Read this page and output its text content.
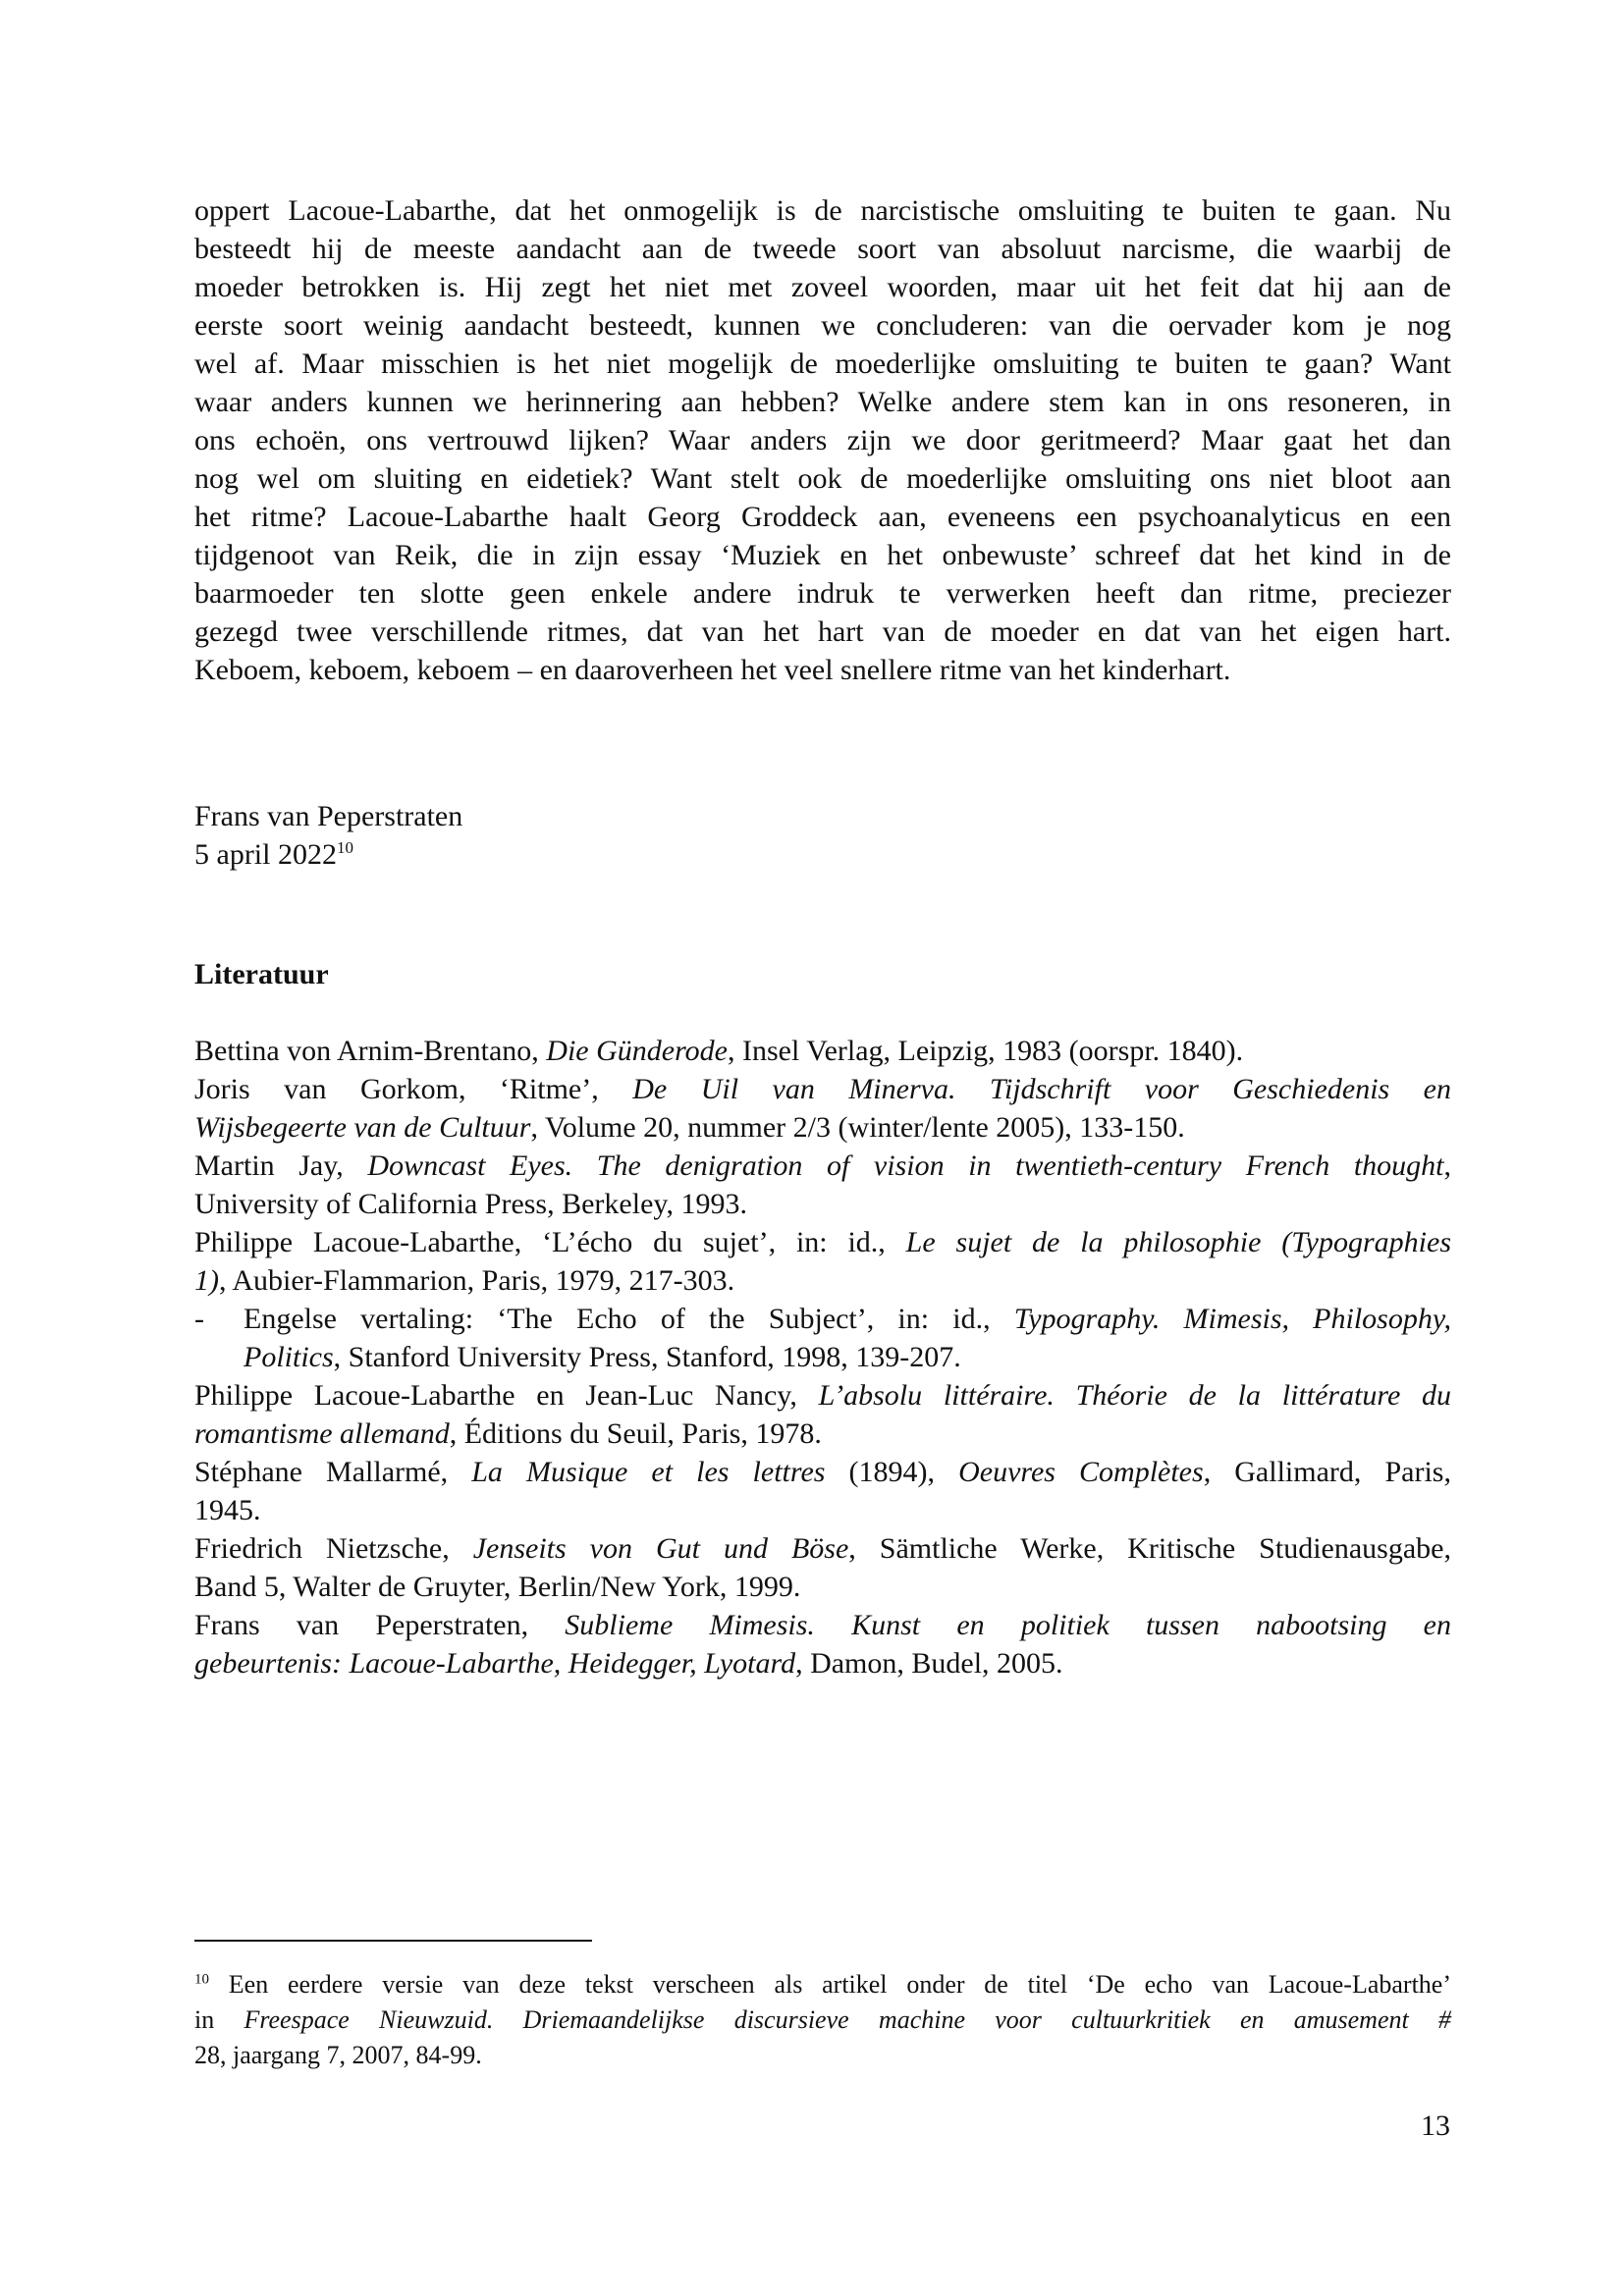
oppert Lacoue-Labarthe, dat het onmogelijk is de narcistische omsluiting te buiten te gaan. Nu
besteedt hij de meeste aandacht aan de tweede soort van absoluut narcisme, die waarbij de
moeder betrokken is. Hij zegt het niet met zoveel woorden, maar uit het feit dat hij aan de
eerste soort weinig aandacht besteedt, kunnen we concluderen: van die oervader kom je nog
wel af. Maar misschien is het niet mogelijk de moederlijke omsluiting te buiten te gaan? Want
waar anders kunnen we herinnering aan hebben? Welke andere stem kan in ons resoneren, in
ons echoën, ons vertrouwd lijken? Waar anders zijn we door geritmeerd? Maar gaat het dan
nog wel om sluiting en eidetiek? Want stelt ook de moederlijke omsluiting ons niet bloot aan
het ritme? Lacoue-Labarthe haalt Georg Groddeck aan, eveneens een psychoanalyticus en een
tijdgenoot van Reik, die in zijn essay ‘Muziek en het onbewuste’ schreef dat het kind in de
baarmoeder ten slotte geen enkele andere indruk te verwerken heeft dan ritme, preciezer
gezegd twee verschillende ritmes, dat van het hart van de moeder en dat van het eigen hart.
Keboem, keboem, keboem – en daaroverheen het veel snellere ritme van het kinderhart.
Frans van Peperstraten
5 april 2022$^{10}$
Literatuur
Bettina von Arnim-Brentano, Die Günderode, Insel Verlag, Leipzig, 1983 (oorspr. 1840).
Joris van Gorkom, ‘Ritme’, De Uil van Minerva. Tijdschrift voor Geschiedenis en
Wijsbegeerte van de Cultuur, Volume 20, nummer 2/3 (winter/lente 2005), 133-150.
Martin Jay, Downcast Eyes. The denigration of vision in twentieth-century French thought,
University of California Press, Berkeley, 1993.
Philippe Lacoue-Labarthe, ‘L’écho du sujet’, in: id., Le sujet de la philosophie (Typographies
1), Aubier-Flammarion, Paris, 1979, 217-303.
- Engelse vertaling: ‘The Echo of the Subject’, in: id., Typography. Mimesis, Philosophy,
Politics, Stanford University Press, Stanford, 1998, 139-207.
Philippe Lacoue-Labarthe en Jean-Luc Nancy, L’absolu littéraire. Théorie de la littérature du
romantisme allemand, Éditions du Seuil, Paris, 1978.
Stéphane Mallarmé, La Musique et les lettres (1894), Oeuvres Complètes, Gallimard, Paris,
1945.
Friedrich Nietzsche, Jenseits von Gut und Böse, Sämtliche Werke, Kritische Studienausgabe,
Band 5, Walter de Gruyter, Berlin/New York, 1999.
Frans van Peperstraten, Sublieme Mimesis. Kunst en politiek tussen nabootsing en
gebeurtenis: Lacoue-Labarthe, Heidegger, Lyotard, Damon, Budel, 2005.
$^{10}$ Een eerdere versie van deze tekst verscheen als artikel onder de titel ‘De echo van Lacoue-Labarthe’
in Freespace Nieuwzuid. Driemaandelijkse discursieve machine voor cultuurkritiek en amusement #
28, jaargang 7, 2007, 84-99.
13
